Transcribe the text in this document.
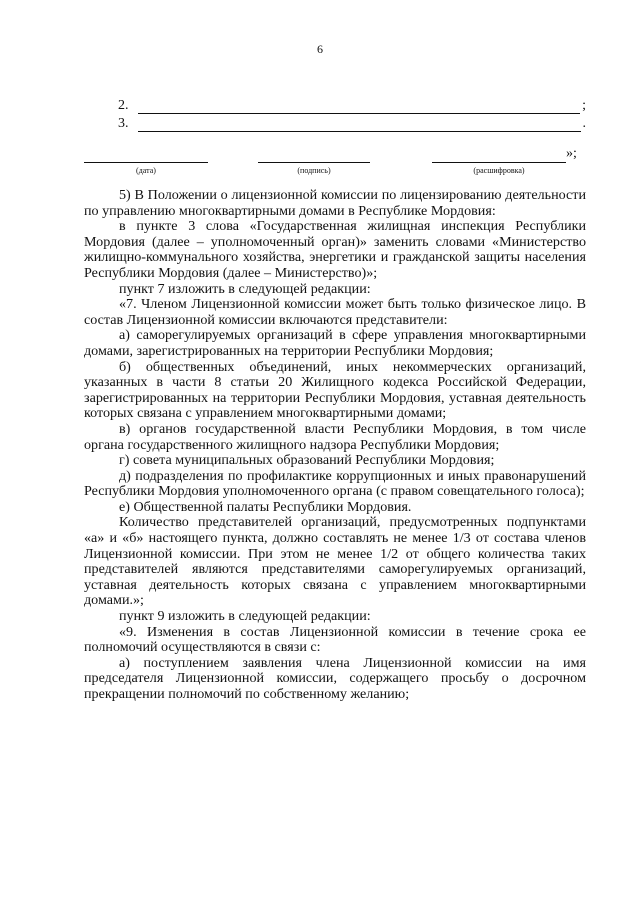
6
2.	;
3.	.
»;
(дата)	(подпись)	(расшифровка)

5) В Положении о лицензионной комиссии по лицензированию деятельности по управлению многоквартирными домами в Республике Мордовия:

в пункте 3 слова «Государственная жилищная инспекция Республики Мордовия (далее – уполномоченный орган)» заменить словами «Министерство жилищно-коммунального хозяйства, энергетики и гражданской защиты населения Республики Мордовия (далее – Министерство)»;

пункт 7 изложить в следующей редакции:

«7. Членом Лицензионной комиссии может быть только физическое лицо. В состав Лицензионной комиссии включаются представители:

а) саморегулируемых организаций в сфере управления многоквартирными домами, зарегистрированных на территории Республики Мордовия;

б) общественных объединений, иных некоммерческих организаций, указанных в части 8 статьи 20 Жилищного кодекса Российской Федерации, зарегистрированных на территории Республики Мордовия, уставная деятельность которых связана с управлением многоквартирными домами;

в) органов государственной власти Республики Мордовия, в том числе органа государственного жилищного надзора Республики Мордовия;

г) совета муниципальных образований Республики Мордовия;

д) подразделения по профилактике коррупционных и иных правонарушений Республики Мордовия уполномоченного органа (с правом совещательного голоса);

е) Общественной палаты Республики Мордовия.

Количество представителей организаций, предусмотренных подпунктами «а» и «б» настоящего пункта, должно составлять не менее 1/3 от состава членов Лицензионной комиссии. При этом не менее 1/2 от общего количества таких представителей являются представителями саморегулируемых организаций, уставная деятельность которых связана с управлением многоквартирными домами.»;

пункт 9 изложить в следующей редакции:

«9. Изменения в состав Лицензионной комиссии в течение срока ее полномочий осуществляются в связи с:

а) поступлением заявления члена Лицензионной комиссии на имя председателя Лицензионной комиссии, содержащего просьбу о досрочном прекращении полномочий по собственному желанию;
